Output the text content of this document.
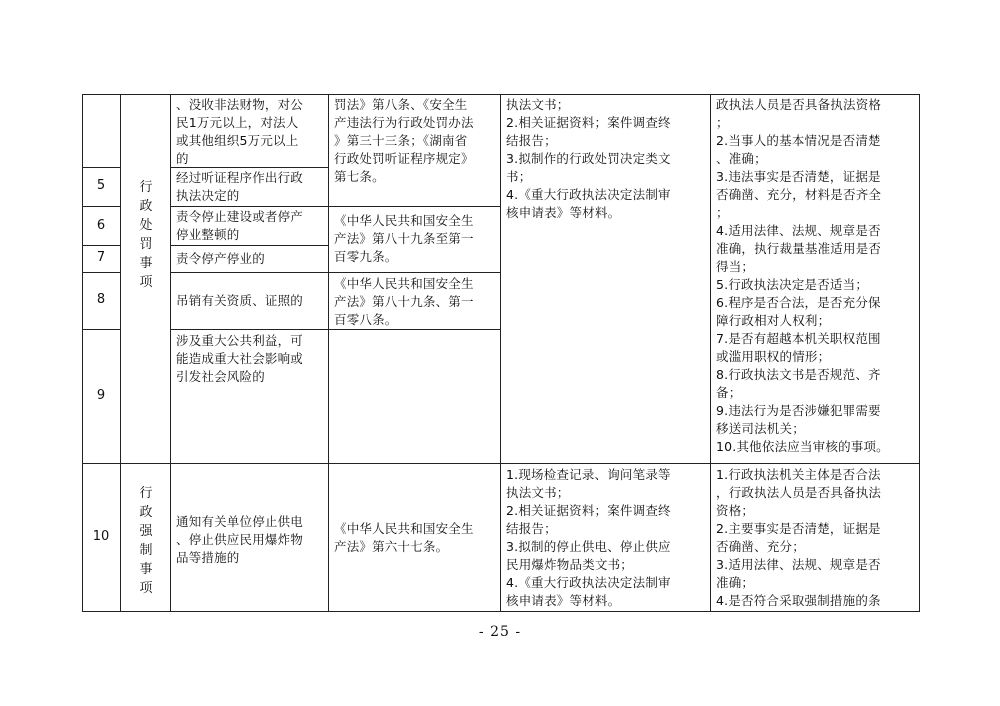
5
6
7
8
9
10
行政处罚事项
行政强制事项
、没收非法财物，对公
民1万元以上，对法人
或其他组织5万元以上
的
经过听证程序作出行政
执法决定的
责令停止建设或者停产
停业整顿的
责令停产停业的
吊销有关资质、证照的
涉及重大公共利益，可
能造成重大社会影响或
引发社会风险的
通知有关单位停止供电
、停止供应民用爆炸物
品等措施的
罚法》第八条、《安全生
产违法行为行政处罚办法
》第三十三条；《湖南省
行政处罚听证程序规定》
第七条。
《中华人民共和国安全生
产法》第八十九条至第一
百零九条。
《中华人民共和国安全生
产法》第八十九条、第一
百零八条。
《中华人民共和国安全生
产法》第六十七条。
执法文书；
2.相关证据资料；案件调查终
结报告；
3.拟制作的行政处罚决定类文
书；
4.《重大行政执法决定法制审
核申请表》等材料。
1.现场检查记录、询问笔录等
执法文书；
2.相关证据资料；案件调查终
结报告；
3.拟制的停止供电、停止供应
民用爆炸物品类文书；
4.《重大行政执法决定法制审
核申请表》等材料。
政执法人员是否具备执法资格
；
2.当事人的基本情况是否清楚
、准确；
3.违法事实是否清楚，证据是
否确凿、充分，材料是否齐全
；
4.适用法律、法规、规章是否
准确，执行裁量基准适用是否
得当；
5.行政执法决定是否适当；
6.程序是否合法，是否充分保
障行政相对人权利；
7.是否有超越本机关职权范围
或滥用职权的情形；
8.行政执法文书是否规范、齐
备；
9.违法行为是否涉嫌犯罪需要
移送司法机关；
10.其他依法应当审核的事项。
1.行政执法机关主体是否合法
，行政执法人员是否具备执法
资格；
2.主要事实是否清楚，证据是
否确凿、充分；
3.适用法律、法规、规章是否
准确；
4.是否符合采取强制措施的条
- 25 -
